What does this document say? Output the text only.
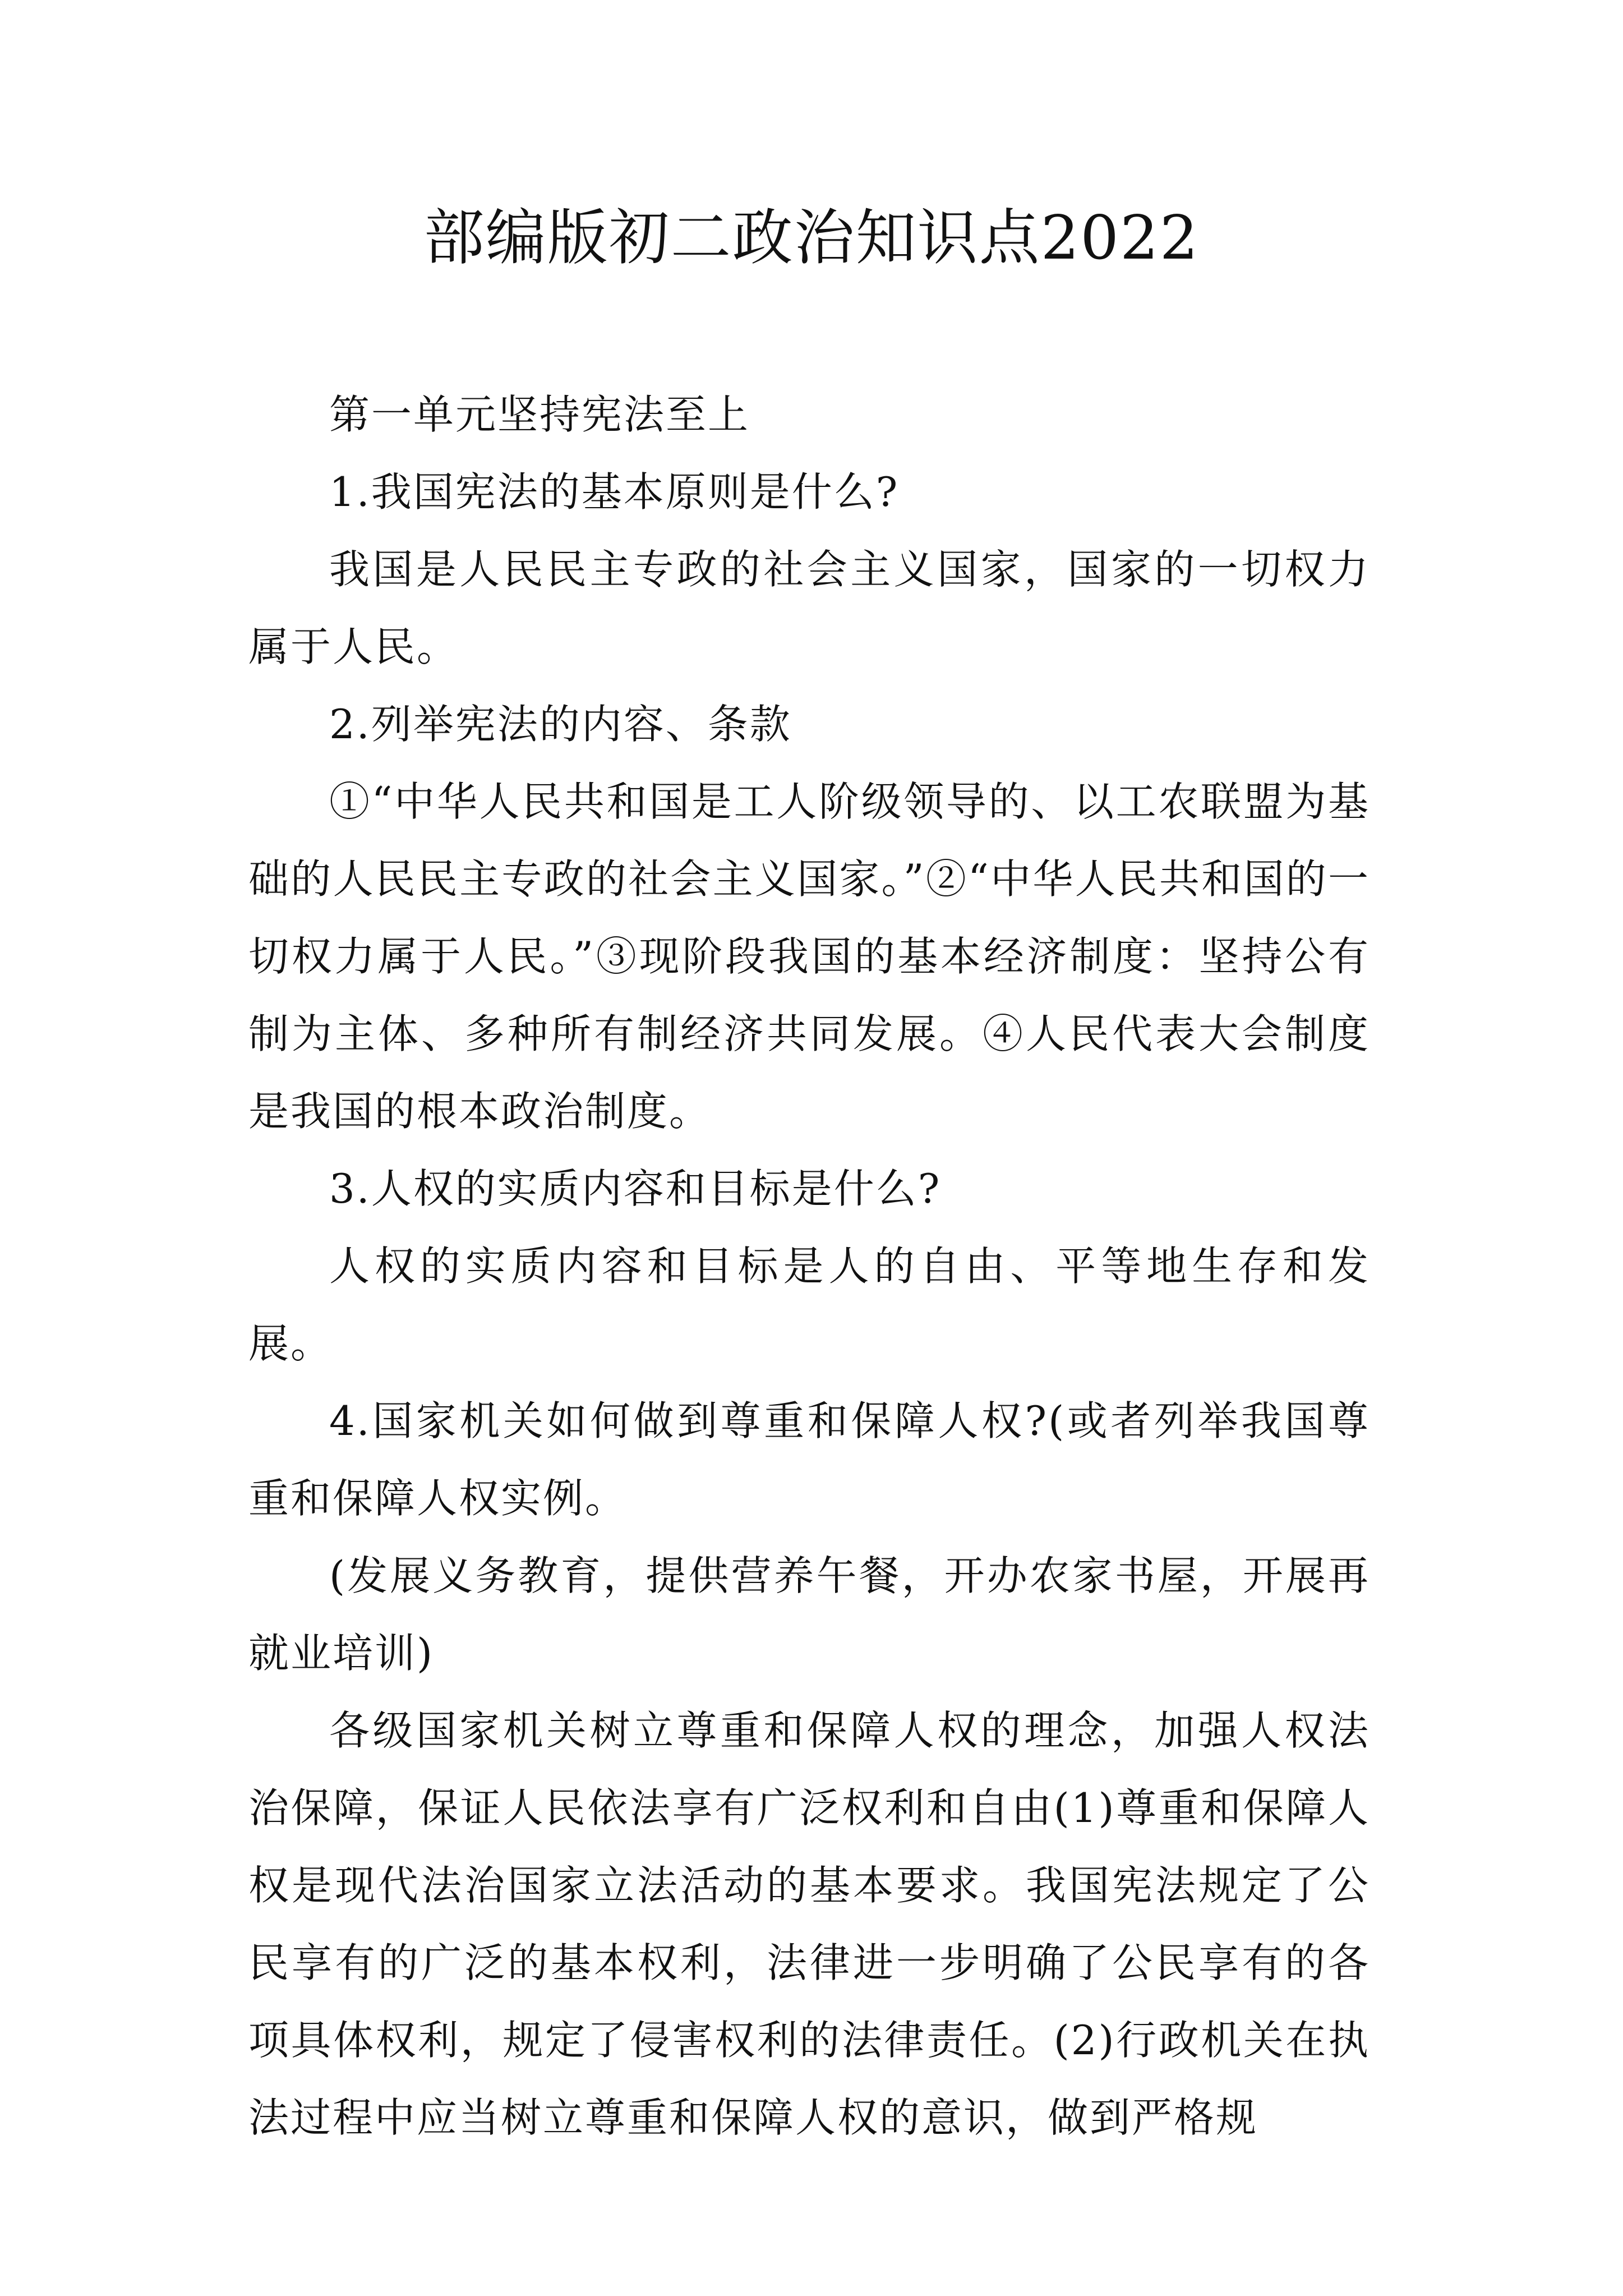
部编版初二政治知识点2022

第一单元坚持宪法至上

1.我国宪法的基本原则是什么?

我国是人民民主专政的社会主义国家，国家的一切权力属于人民。

2.列举宪法的内容、条款

①“中华人民共和国是工人阶级领导的、以工农联盟为基础的人民民主专政的社会主义国家。”②“中华人民共和国的一切权力属于人民。”③现阶段我国的基本经济制度：坚持公有制为主体、多种所有制经济共同发展。④人民代表大会制度是我国的根本政治制度。

3.人权的实质内容和目标是什么?

人权的实质内容和目标是人的自由、平等地生存和发展。

4.国家机关如何做到尊重和保障人权?(或者列举我国尊重和保障人权实例。

(发展义务教育，提供营养午餐，开办农家书屋，开展再就业培训)

各级国家机关树立尊重和保障人权的理念，加强人权法治保障，保证人民依法享有广泛权利和自由(1)尊重和保障人权是现代法治国家立法活动的基本要求。我国宪法规定了公民享有的广泛的基本权利，法律进一步明确了公民享有的各项具体权利，规定了侵害权利的法律责任。(2)行政机关在执法过程中应当树立尊重和保障人权的意识，做到严格规
